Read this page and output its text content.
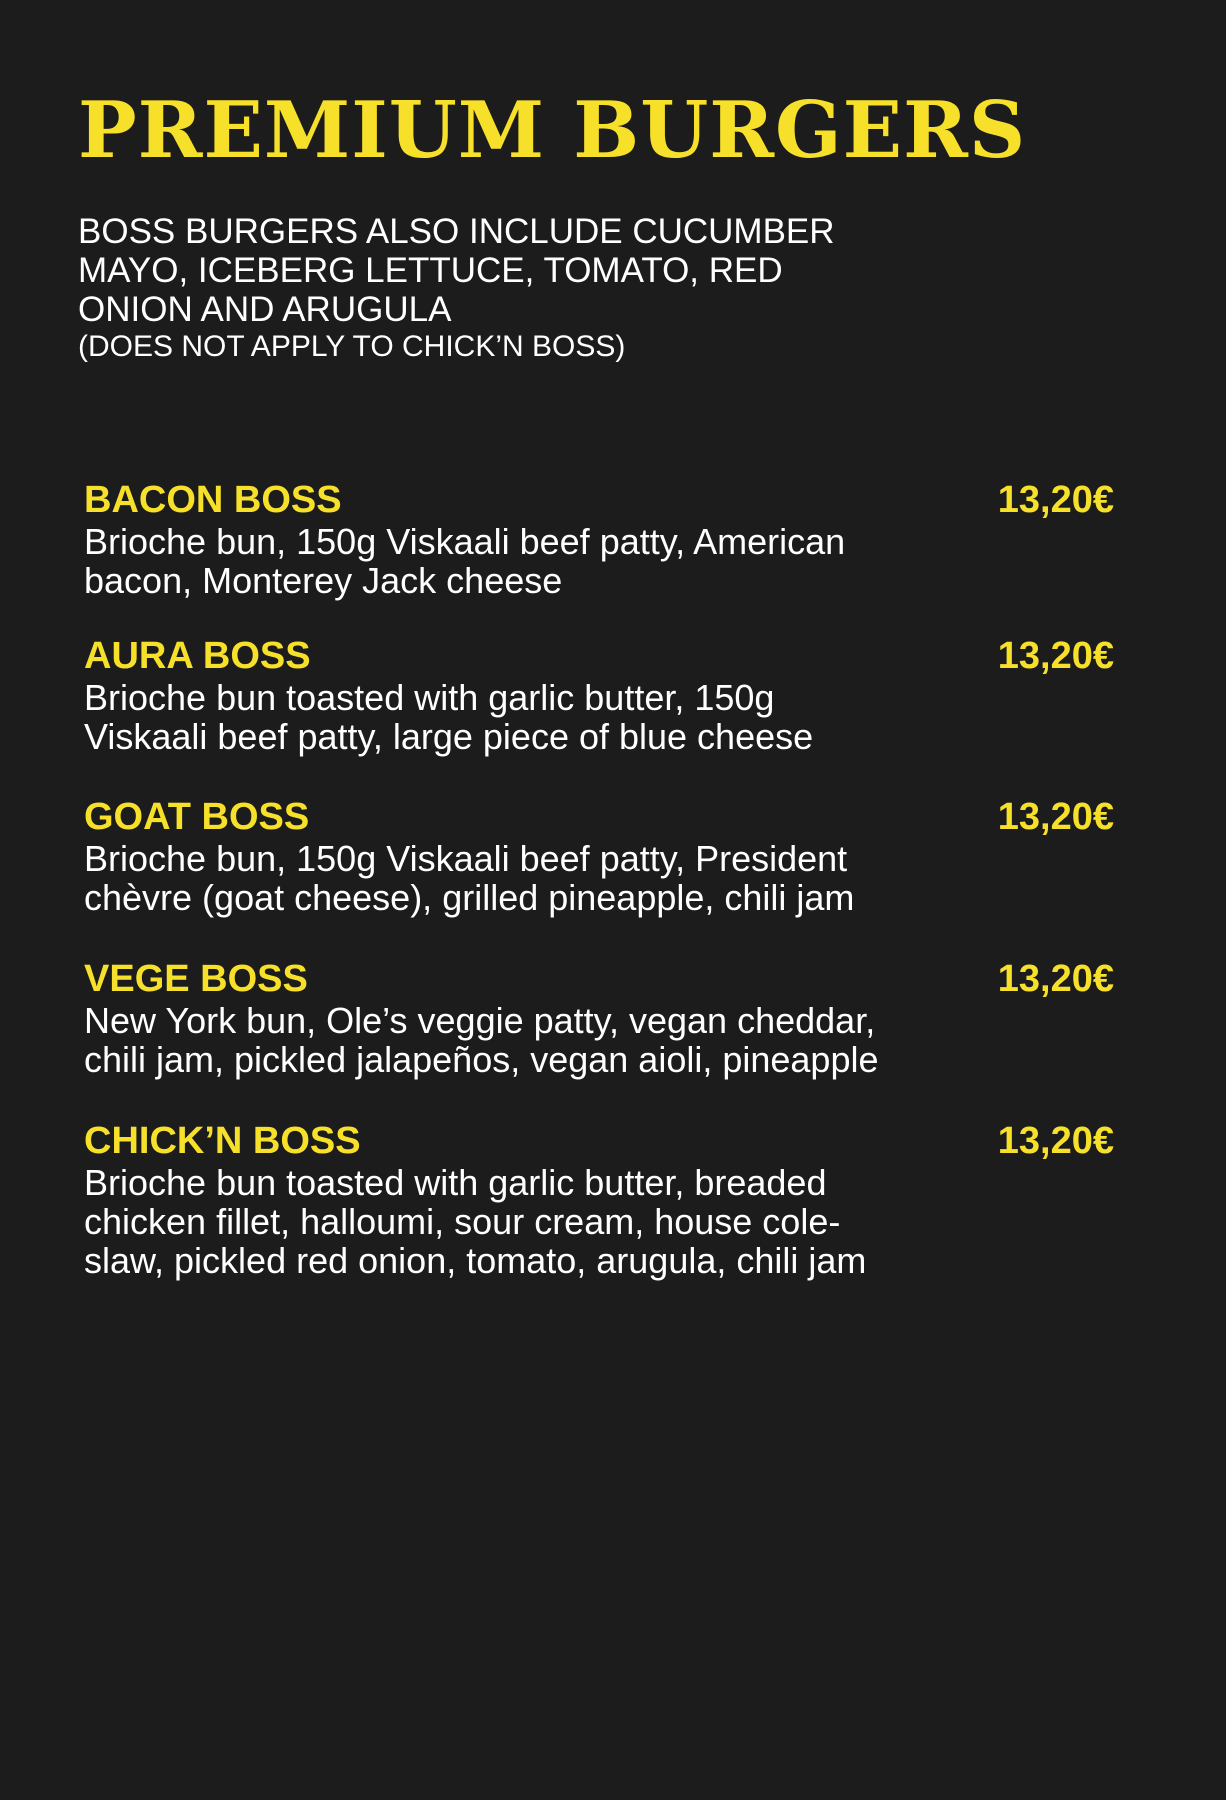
PREMIUM BURGERS
BOSS BURGERS ALSO INCLUDE CUCUMBER
MAYO, ICEBERG LETTUCE, TOMATO, RED
ONION AND ARUGULA
(DOES NOT APPLY TO CHICK’N BOSS)
BACON BOSS	13,20€
Brioche bun, 150g Viskaali beef patty, American
bacon, Monterey Jack cheese
AURA BOSS	13,20€
Brioche bun toasted with garlic butter, 150g
Viskaali beef patty, large piece of blue cheese
GOAT BOSS	13,20€
Brioche bun, 150g Viskaali beef patty, President
chèvre (goat cheese), grilled pineapple, chili jam
VEGE BOSS	13,20€
New York bun, Ole’s veggie patty, vegan cheddar,
chili jam, pickled jalapeños, vegan aioli, pineapple
CHICK’N BOSS	13,20€
Brioche bun toasted with garlic butter, breaded
chicken fillet, halloumi, sour cream, house cole-
slaw, pickled red onion, tomato, arugula, chili jam
